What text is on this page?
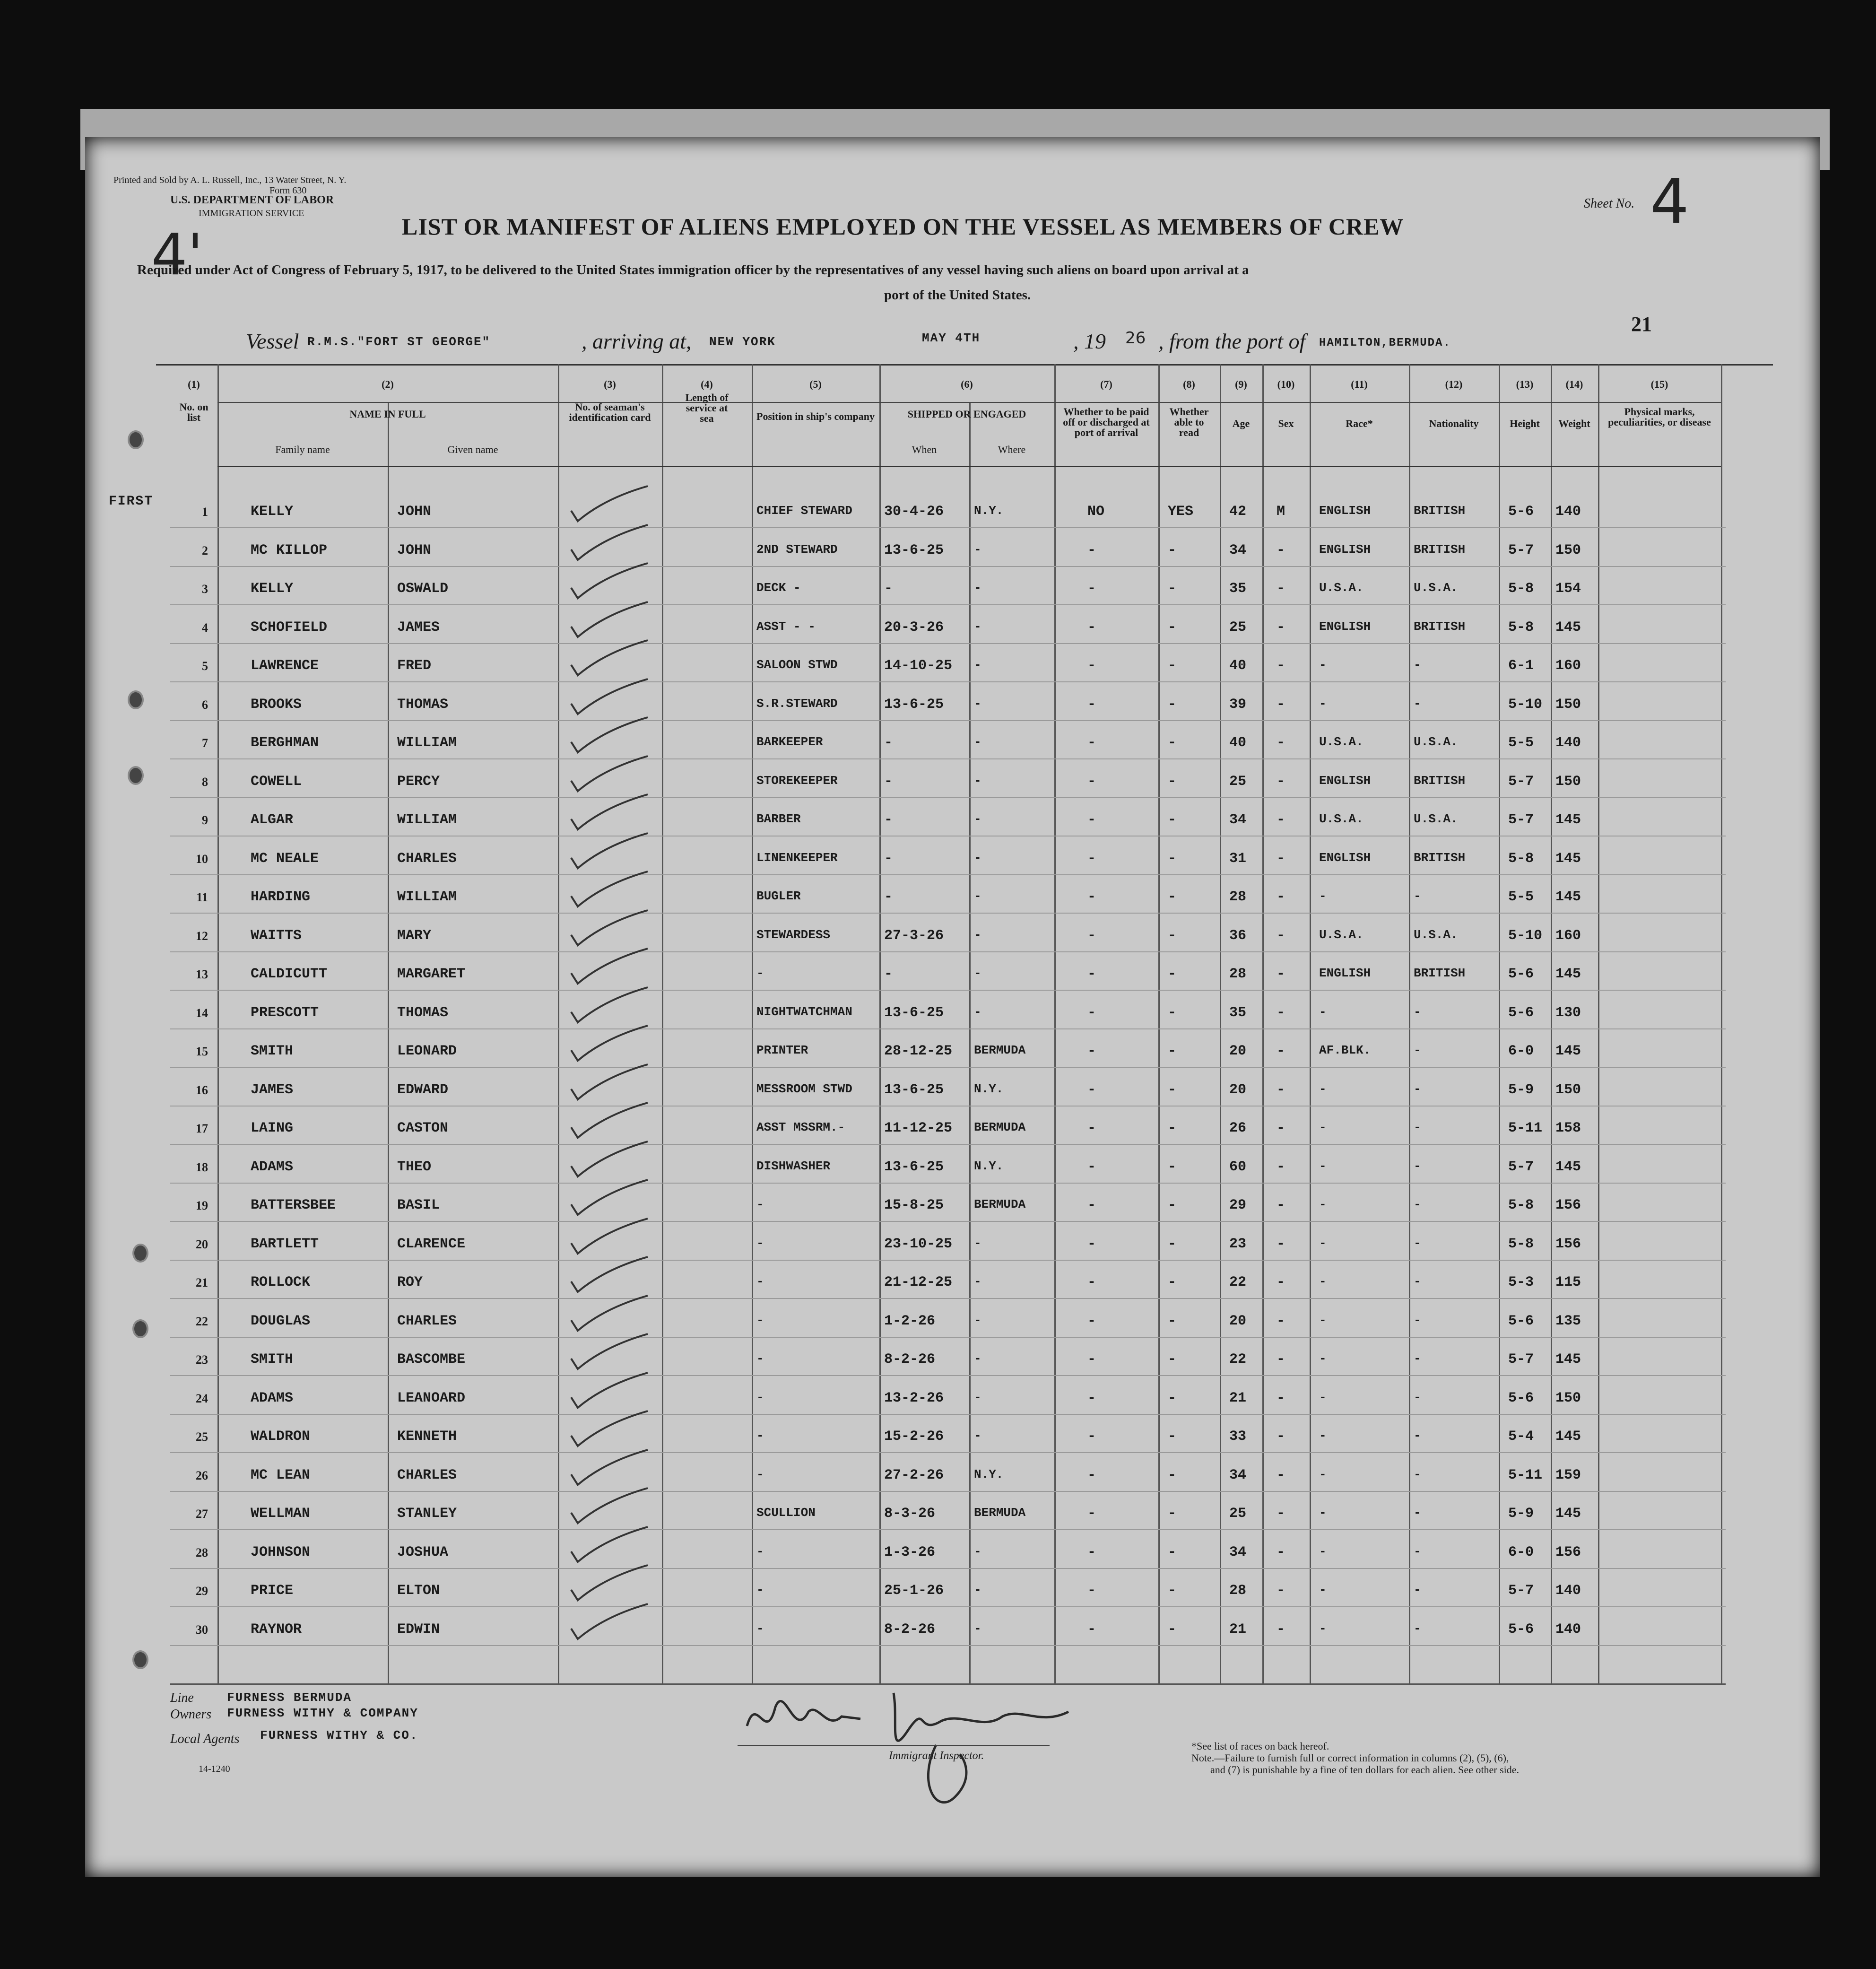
Printed and Sold by A. L. Russell, Inc., 13 Water Street, N. Y.
Form 630
U.S. DEPARTMENT OF LABOR
IMMIGRATION SERVICE
4'	LIST OR MANIFEST OF ALIENS EMPLOYED ON THE VESSEL AS MEMBERS OF CREW
Sheet No. 4
Required under Act of Congress of February 5, 1917, to be delivered to the United States immigration officer by the representatives of any vessel having such aliens on board upon arrival at a
port of the United States.
21
Vessel R.M.S."FORT ST GEORGE"	, arriving at, NEW YORK	MAY 4TH	, 19 26 , from the port of HAMILTON,BERMUDA.
(1)
No. on list
(2)
NAME IN FULL
Family name	Given name
(3)
No. of seaman's identification card
(4)
Length of service at sea
(5)
Position in ship's company
(6)
SHIPPED OR ENGAGED
When	Where
(7)
Whether to be paid off or discharged at port of arrival
(8)
Whether able to read
(9)
Age
(10)
Sex
(11)
Race*
(12)
Nationality
(13)
Height
(14)
Weight
(15)
Physical marks, peculiarities, or disease
FIRST
1	KELLY	JOHN	CHIEF STEWARD 30-4-26 N.Y.	NO	YES	42 M	ENGLISH	BRITISH	5-6 140
2	MC KILLOP	JOHN	2ND STEWARD	13-6-25 -	-	-	34 -	ENGLISH	BRITISH	5-7 150
3	KELLY	OSWALD	DECK -	-	-	-	-	35 -	U.S.A.	U.S.A.	5-8 154
4	SCHOFIELD	JAMES	ASST - -	20-3-26 -	-	-	25 -	ENGLISH	BRITISH	5-8 145
5	LAWRENCE	FRED	SALOON STWD	14-10-25 -	-	-	40 -	-	-	6-1 160
6	BROOKS	THOMAS	S.R.STEWARD	13-6-25 -	-	-	39 -	-	-	5-10 150
7	BERGHMAN	WILLIAM	BARKEEPER	-	-	-	-	40 -	U.S.A.	U.S.A.	5-5 140
8	COWELL	PERCY	STOREKEEPER	-	-	-	-	25 -	ENGLISH	BRITISH	5-7 150
9	ALGAR	WILLIAM	BARBER	-	-	-	-	34 -	U.S.A.	U.S.A.	5-7 145
10	MC NEALE	CHARLES	LINENKEEPER	-	-	-	-	31 -	ENGLISH	BRITISH	5-8 145
11	HARDING	WILLIAM	BUGLER	-	-	-	-	28 -	-	-	5-5 145
12	WAITTS	MARY	STEWARDESS	27-3-26 -	-	-	36 -	U.S.A.	U.S.A.	5-10 160
13	CALDICUTT	MARGARET	-	-	-	-	-	28 -	ENGLISH	BRITISH	5-6 145
14	PRESCOTT	THOMAS	NIGHTWATCHMAN 13-6-25 -	-	-	35 -	-	-	5-6 130
15	SMITH	LEONARD	PRINTER	28-12-25 BERMUDA	-	-	20 -	AF.BLK.	-	6-0 145
16	JAMES	EDWARD	MESSROOM STWD 13-6-25 N.Y.	-	-	20 -	-	-	5-9 150
17	LAING	CASTON	ASST MSSRM.-	11-12-25 BERMUDA	-	-	26 -	-	-	5-11 158
18	ADAMS	THEO	DISHWASHER	13-6-25 N.Y.	-	-	60 -	-	-	5-7 145
19	BATTERSBEE	BASIL	-	15-8-25 BERMUDA	-	-	29 -	-	-	5-8 156
20	BARTLETT	CLARENCE	-	23-10-25 -	-	-	23 -	-	-	5-8 156
21	ROLLOCK	ROY	-	21-12-25 -	-	-	22 -	-	-	5-3 115
22	DOUGLAS	CHARLES	-	1-2-26	-	-	-	20 -	-	-	5-6 135
23	SMITH	BASCOMBE	-	8-2-26	-	-	-	22 -	-	-	5-7 145
24	ADAMS	LEANOARD	-	13-2-26 -	-	-	21 -	-	-	5-6 150
25	WALDRON	KENNETH	-	15-2-26 -	-	-	33 -	-	-	5-4 145
26	MC LEAN	CHARLES	-	27-2-26 N.Y.	-	-	34 -	-	-	5-11 159
27	WELLMAN	STANLEY	SCULLION	8-3-26	BERMUDA	-	-	25 -	-	-	5-9 145
28	JOHNSON	JOSHUA	-	1-3-26	-	-	-	34 -	-	-	6-0 156
29	PRICE	ELTON	-	25-1-26 -	-	-	28 -	-	-	5-7 140
30	RAYNOR	EDWIN	-	8-2-26	-	-	-	21 -	-	-	5-6 140
Line	FURNESS BERMUDA
Owners FURNESS WITHY & COMPANY
Local Agents FURNESS WITHY & CO.
14-1240
Immigrant Inspector.
*See list of races on back hereof.
Note.—Failure to furnish full or correct information in columns (2), (5), (6),
and (7) is punishable by a fine of ten dollars for each alien. See other side.
